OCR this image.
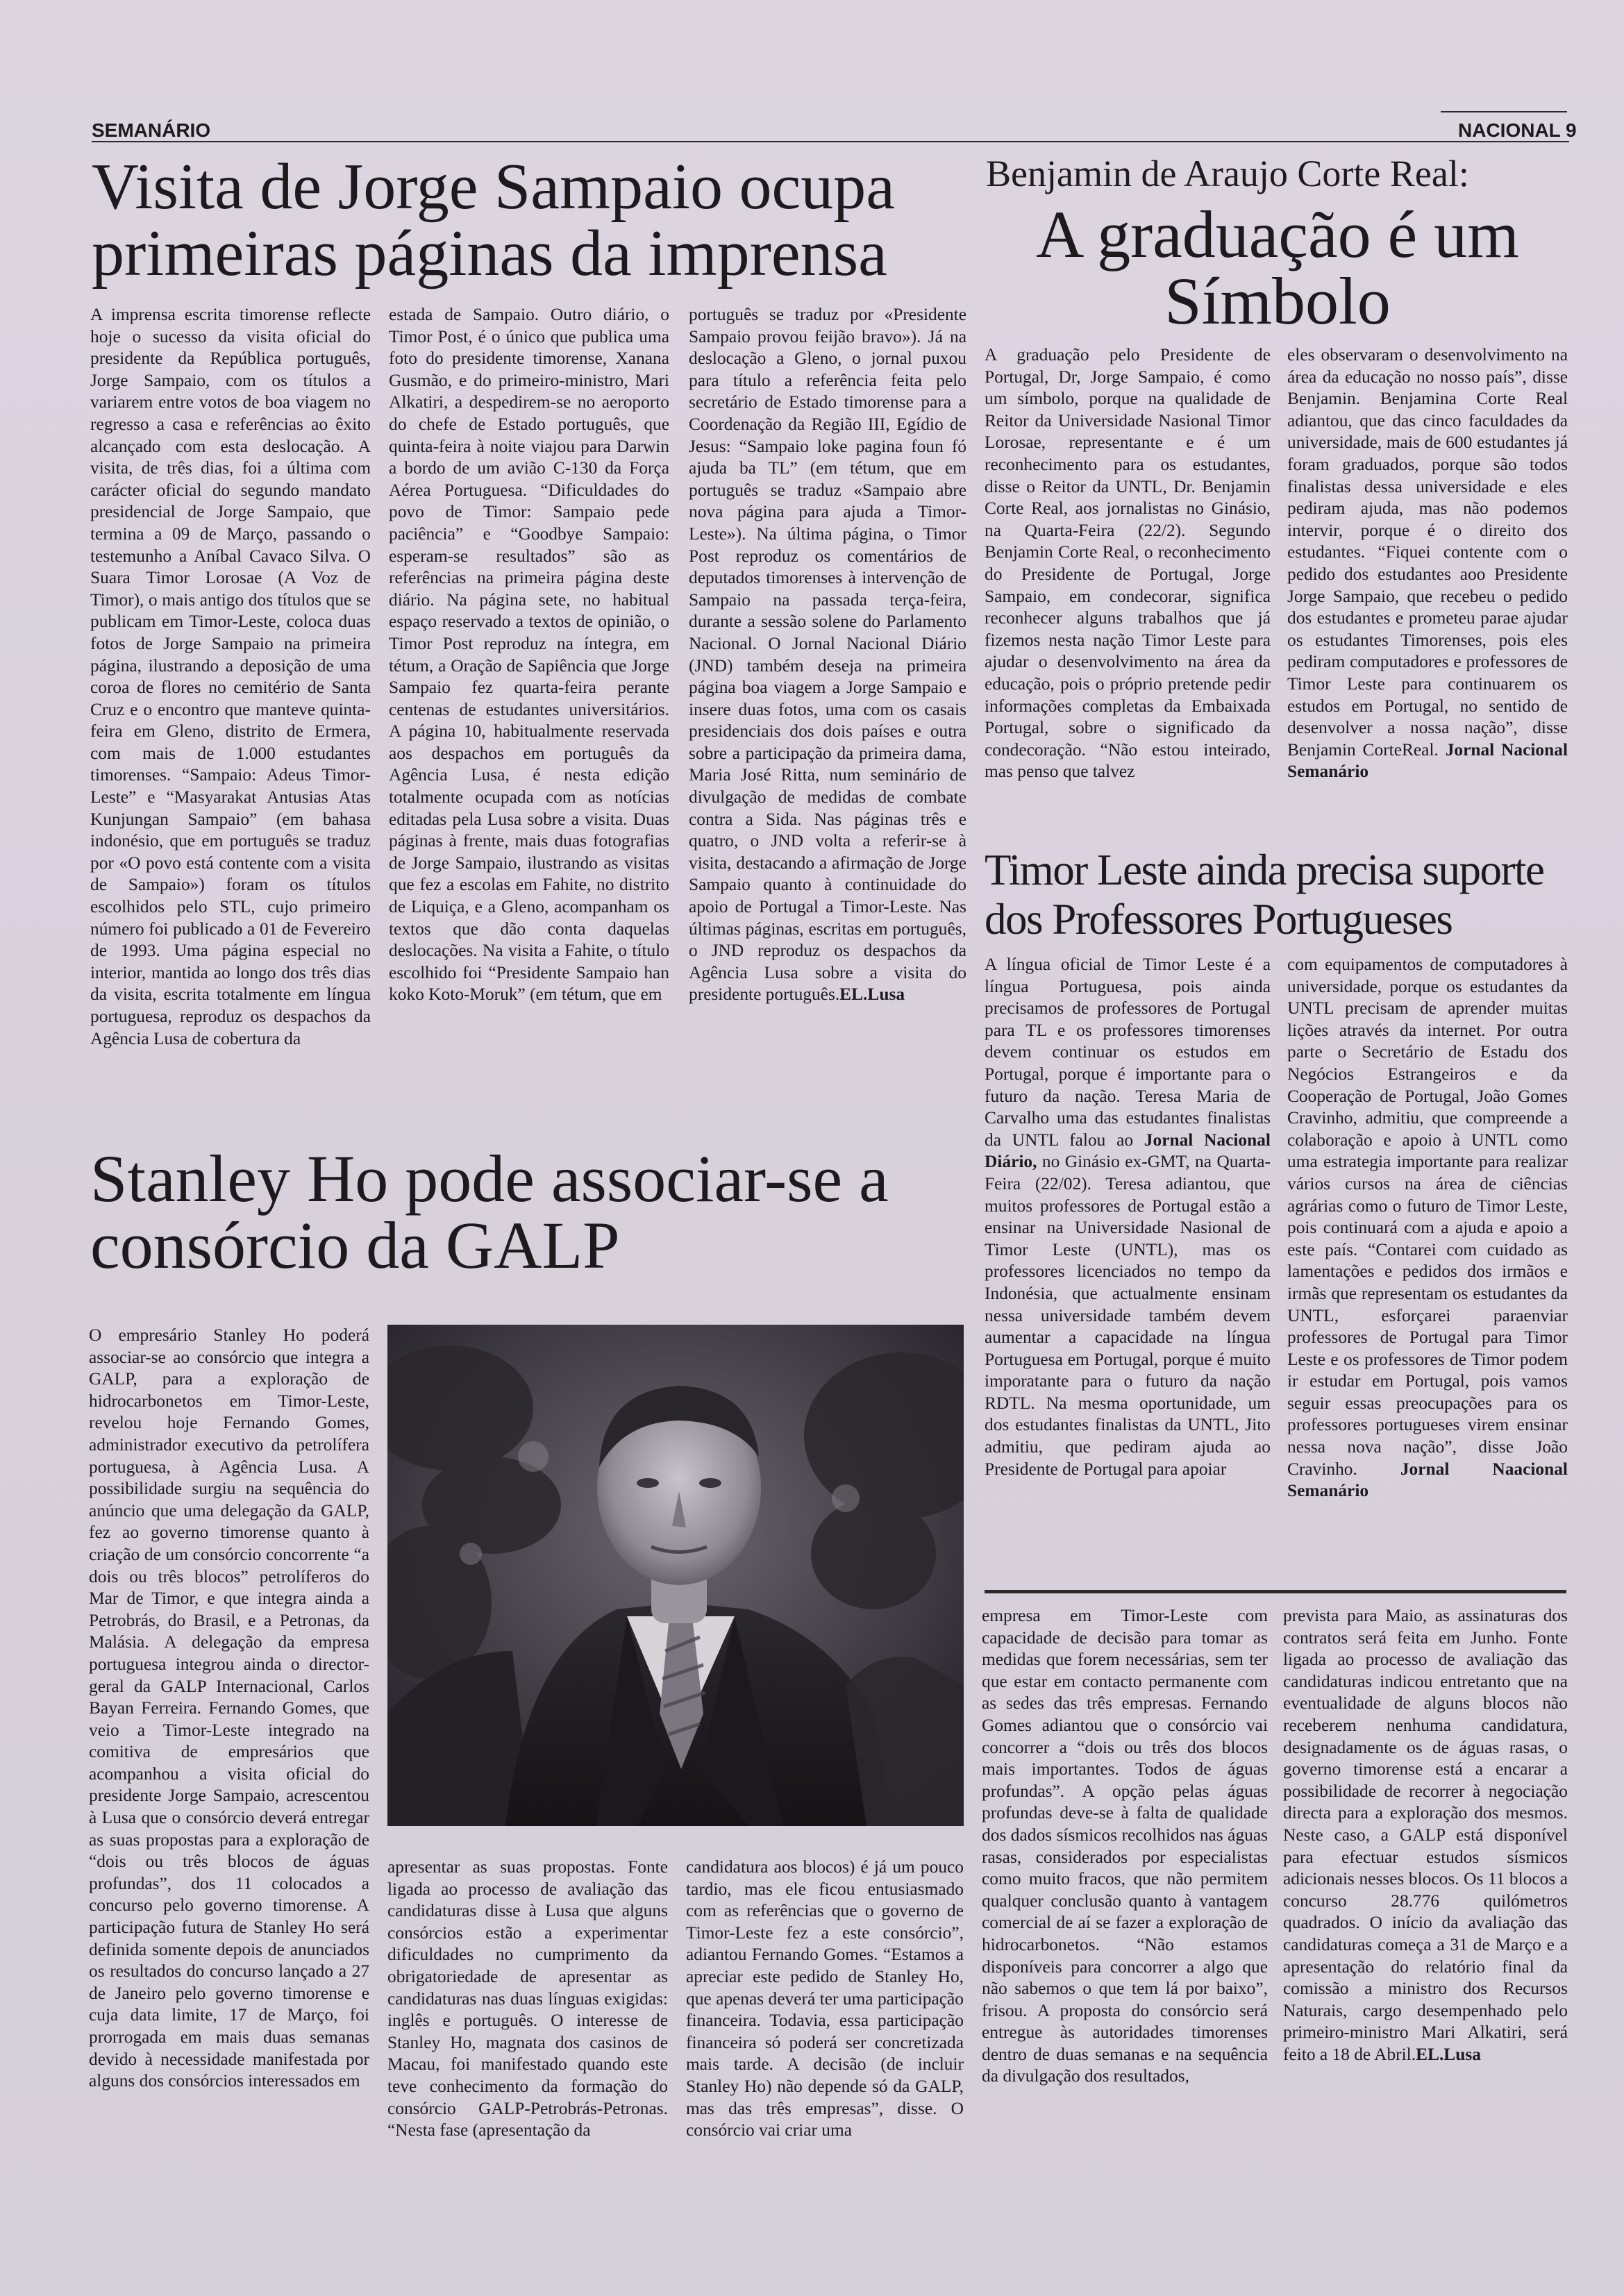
SEMANÁRIO	NACIONAL 9
Visita de Jorge Sampaio ocupa
primeiras páginas da imprensa

A imprensa escrita timorense reflecte hoje o sucesso da visita oficial do presidente da República português, Jorge Sampaio, com os títulos a variarem entre votos de boa viagem no regresso a casa e referências ao êxito alcançado com esta deslocação. A visita, de três dias, foi a última com carácter oficial do segundo mandato presidencial de Jorge Sampaio, que termina a 09 de Março, passando o testemunho a Aníbal Cavaco Silva. O Suara Timor Lorosae (A Voz de Timor), o mais antigo dos títulos que se publicam em Timor-Leste, coloca duas fotos de Jorge Sampaio na primeira página, ilustrando a deposição de uma coroa de flores no cemitério de Santa Cruz e o encontro que manteve quinta-feira em Gleno, distrito de Ermera, com mais de 1.000 estudantes timorenses. “Sampaio: Adeus Timor-Leste” e “Masyarakat Antusias Atas Kunjungan Sampaio” (em bahasa indonésio, que em português se traduz por «O povo está contente com a visita de Sampaio») foram os títulos escolhidos pelo STL, cujo primeiro número foi publicado a 01 de Fevereiro de 1993. Uma página especial no interior, mantida ao longo dos três dias da visita, escrita totalmente em língua portuguesa, reproduz os despachos da Agência Lusa de cobertura da

estada de Sampaio. Outro diário, o Timor Post, é o único que publica uma foto do presidente timorense, Xanana Gusmão, e do primeiro-ministro, Mari Alkatiri, a despedirem-se no aeroporto do chefe de Estado português, que quinta-feira à noite viajou para Darwin a bordo de um avião C-130 da Força Aérea Portuguesa. “Dificuldades do povo de Timor: Sampaio pede paciência” e “Goodbye Sampaio: esperam-se resultados” são as referências na primeira página deste diário. Na página sete, no habitual espaço reservado a textos de opinião, o Timor Post reproduz na íntegra, em tétum, a Oração de Sapiência que Jorge Sampaio fez quarta-feira perante centenas de estudantes universitários. A página 10, habitualmente reservada aos despachos em português da Agência Lusa, é nesta edição totalmente ocupada com as notícias editadas pela Lusa sobre a visita. Duas páginas à frente, mais duas fotografias de Jorge Sampaio, ilustrando as visitas que fez a escolas em Fahite, no distrito de Liquiça, e a Gleno, acompanham os textos que dão conta daquelas deslocações. Na visita a Fahite, o título escolhido foi “Presidente Sampaio han koko Koto-Moruk” (em tétum, que em

português se traduz por «Presidente Sampaio provou feijão bravo»). Já na deslocação a Gleno, o jornal puxou para título a referência feita pelo secretário de Estado timorense para a Coordenação da Região III, Egídio de Jesus: “Sampaio loke pagina foun fó ajuda ba TL” (em tétum, que em português se traduz «Sampaio abre nova página para ajuda a Timor-Leste»). Na última página, o Timor Post reproduz os comentários de deputados timorenses à intervenção de Sampaio na passada terça-feira, durante a sessão solene do Parlamento Nacional. O Jornal Nacional Diário (JND) também deseja na primeira página boa viagem a Jorge Sampaio e insere duas fotos, uma com os casais presidenciais dos dois países e outra sobre a participação da primeira dama, Maria José Ritta, num seminário de divulgação de medidas de combate contra a Sida. Nas páginas três e quatro, o JND volta a referir-se à visita, destacando a afirmação de Jorge Sampaio quanto à continuidade do apoio de Portugal a Timor-Leste. Nas últimas páginas, escritas em português, o JND reproduz os despachos da Agência Lusa sobre a visita do presidente português.EL.Lusa

Benjamin de Araujo Corte Real:
A graduação é um
Símbolo

A graduação pelo Presidente de Portugal, Dr, Jorge Sampaio, é como um símbolo, porque na qualidade de Reitor da Universidade Nasional Timor Lorosae, representante e é um reconhecimento para os estudantes, disse o Reitor da UNTL, Dr. Benjamin Corte Real, aos jornalistas no Ginásio, na Quarta-Feira (22/2). Segundo Benjamin Corte Real, o reconhecimento do Presidente de Portugal, Jorge Sampaio, em condecorar, significa reconhecer alguns trabalhos que já fizemos nesta nação Timor Leste para ajudar o desenvolvimento na área da educação, pois o próprio pretende pedir informações completas da Embaixada Portugal, sobre o significado da condecoração. “Não estou inteirado, mas penso que talvez

eles observaram o desenvolvimento na área da educação no nosso país”, disse Benjamin. Benjamina Corte Real adiantou, que das cinco faculdades da universidade, mais de 600 estudantes já foram graduados, porque são todos finalistas dessa universidade e eles pediram ajuda, mas não podemos intervir, porque é o direito dos estudantes. “Fiquei contente com o pedido dos estudantes aoo Presidente Jorge Sampaio, que recebeu o pedido dos estudantes e prometeu parae ajudar os estudantes Timorenses, pois eles pediram computadores e professores de Timor Leste para continuarem os estudos em Portugal, no sentido de desenvolver a nossa nação”, disse Benjamin CorteReal. Jornal Nacional Semanário

Timor Leste ainda precisa suporte
dos Professores Portugueses

A língua oficial de Timor Leste é a língua Portuguesa, pois ainda precisamos de professores de Portugal para TL e os professores timorenses devem continuar os estudos em Portugal, porque é importante para o futuro da nação. Teresa Maria de Carvalho uma das estudantes finalistas da UNTL falou ao Jornal Nacional Diário, no Ginásio ex-GMT, na Quarta-Feira (22/02). Teresa adiantou, que muitos professores de Portugal estão a ensinar na Universidade Nasional de Timor Leste (UNTL), mas os professores licenciados no tempo da Indonésia, que actualmente ensinam nessa universidade também devem aumentar a capacidade na língua Portuguesa em Portugal, porque é muito imporatante para o futuro da nação RDTL. Na mesma oportunidade, um dos estudantes finalistas da UNTL, Jito admitiu, que pediram ajuda ao Presidente de Portugal para apoiar

com equipamentos de computadores à universidade, porque os estudantes da UNTL precisam de aprender muitas lições através da internet. Por outra parte o Secretário de Estadu dos Negócios Estrangeiros e da Cooperação de Portugal, João Gomes Cravinho, admitiu, que compreende a colaboração e apoio à UNTL como uma estrategia importante para realizar vários cursos na área de ciências agrárias como o futuro de Timor Leste, pois continuará com a ajuda e apoio a este país. “Contarei com cuidado as lamentações e pedidos dos irmãos e irmãs que representam os estudantes da UNTL, esforçarei paraenviar professores de Portugal para Timor Leste e os professores de Timor podem ir estudar em Portugal, pois vamos seguir essas preocupações para os professores portugueses virem ensinar nessa nova nação”, disse João Cravinho. Jornal Naacional Semanário

Stanley Ho pode associar-se a
consórcio da GALP

O empresário Stanley Ho poderá associar-se ao consórcio que integra a GALP, para a exploração de hidrocarbonetos em Timor-Leste, revelou hoje Fernando Gomes, administrador executivo da petrolífera portuguesa, à Agência Lusa. A possibilidade surgiu na sequência do anúncio que uma delegação da GALP, fez ao governo timorense quanto à criação de um consórcio concorrente “a dois ou três blocos” petrolíferos do Mar de Timor, e que integra ainda a Petrobrás, do Brasil, e a Petronas, da Malásia. A delegação da empresa portuguesa integrou ainda o director-geral da GALP Internacional, Carlos Bayan Ferreira. Fernando Gomes, que veio a Timor-Leste integrado na comitiva de empresários que acompanhou a visita oficial do presidente Jorge Sampaio, acrescentou à Lusa que o consórcio deverá entregar as suas propostas para a exploração de “dois ou três blocos de águas profundas”, dos 11 colocados a concurso pelo governo timorense. A participação futura de Stanley Ho será definida somente depois de anunciados os resultados do concurso lançado a 27 de Janeiro pelo governo timorense e cuja data limite, 17 de Março, foi prorrogada em mais duas semanas devido à necessidade manifestada por alguns dos consórcios interessados em

apresentar as suas propostas. Fonte ligada ao processo de avaliação das candidaturas disse à Lusa que alguns consórcios estão a experimentar dificuldades no cumprimento da obrigatoriedade de apresentar as candidaturas nas duas línguas exigidas: inglês e português. O interesse de Stanley Ho, magnata dos casinos de Macau, foi manifestado quando este teve conhecimento da formação do consórcio GALP-Petrobrás-Petronas. “Nesta fase (apresentação da

candidatura aos blocos) é já um pouco tardio, mas ele ficou entusiasmado com as referências que o governo de Timor-Leste fez a este consórcio”, adiantou Fernando Gomes. “Estamos a apreciar este pedido de Stanley Ho, que apenas deverá ter uma participação financeira. Todavia, essa participação financeira só poderá ser concretizada mais tarde. A decisão (de incluir Stanley Ho) não depende só da GALP, mas das três empresas”, disse. O consórcio vai criar uma

empresa em Timor-Leste com capacidade de decisão para tomar as medidas que forem necessárias, sem ter que estar em contacto permanente com as sedes das três empresas. Fernando Gomes adiantou que o consórcio vai concorrer a “dois ou três dos blocos mais importantes. Todos de águas profundas”. A opção pelas águas profundas deve-se à falta de qualidade dos dados sísmicos recolhidos nas águas rasas, considerados por especialistas como muito fracos, que não permitem qualquer conclusão quanto à vantagem comercial de aí se fazer a exploração de hidrocarbonetos. “Não estamos disponíveis para concorrer a algo que não sabemos o que tem lá por baixo”, frisou. A proposta do consórcio será entregue às autoridades timorenses dentro de duas semanas e na sequência da divulgação dos resultados,

prevista para Maio, as assinaturas dos contratos será feita em Junho. Fonte ligada ao processo de avaliação das candidaturas indicou entretanto que na eventualidade de alguns blocos não receberem nenhuma candidatura, designadamente os de águas rasas, o governo timorense está a encarar a possibilidade de recorrer à negociação directa para a exploração dos mesmos. Neste caso, a GALP está disponível para efectuar estudos sísmicos adicionais nesses blocos. Os 11 blocos a concurso 28.776 quilómetros quadrados. O início da avaliação das candidaturas começa a 31 de Março e a apresentação do relatório final da comissão a ministro dos Recursos Naturais, cargo desempenhado pelo primeiro-ministro Mari Alkatiri, será feito a 18 de Abril.EL.Lusa
